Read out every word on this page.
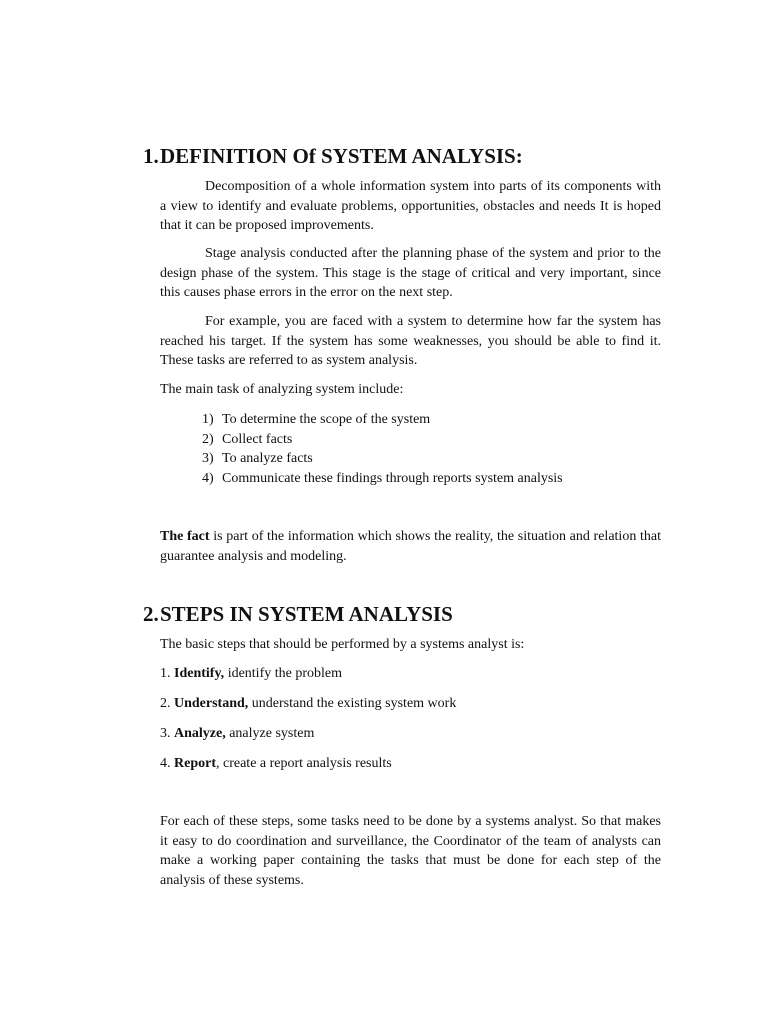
1.DEFINITION Of SYSTEM ANALYSIS:

Decomposition of a whole information system into parts of its components with a view to identify and evaluate problems, opportunities, obstacles and needs It is hoped that it can be proposed improvements.

Stage analysis conducted after the planning phase of the system and prior to the design phase of the system. This stage is the stage of critical and very important, since this causes phase errors in the error on the next step.

For example, you are faced with a system to determine how far the system has reached his target. If the system has some weaknesses, you should be able to find it. These tasks are referred to as system analysis.

The main task of analyzing system include:

1) To determine the scope of the system
2) Collect facts
3) To analyze facts
4) Communicate these findings through reports system analysis

The fact is part of the information which shows the reality, the situation and relation that guarantee analysis and modeling.

2.STEPS IN SYSTEM ANALYSIS

The basic steps that should be performed by a systems analyst is:

1. Identify, identify the problem

2. Understand, understand the existing system work

3. Analyze, analyze system

4. Report, create a report analysis results

For each of these steps, some tasks need to be done by a systems analyst. So that makes it easy to do coordination and surveillance, the Coordinator of the team of analysts can make a working paper containing the tasks that must be done for each step of the analysis of these systems.
